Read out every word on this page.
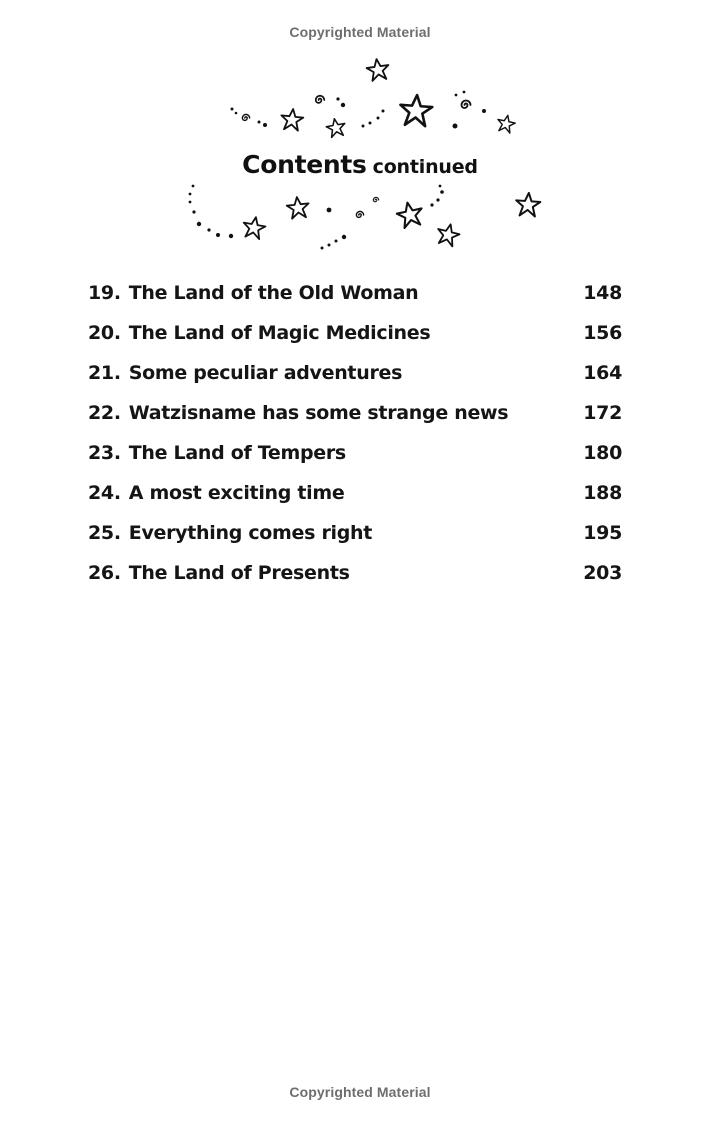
Copyrighted Material
Contents continued
19. The Land of the Old Woman	148
20. The Land of Magic Medicines	156
21. Some peculiar adventures	164
22. Watzisname has some strange news	172
23. The Land of Tempers	180
24. A most exciting time	188
25. Everything comes right	195
26. The Land of Presents	203
Copyrighted Material
